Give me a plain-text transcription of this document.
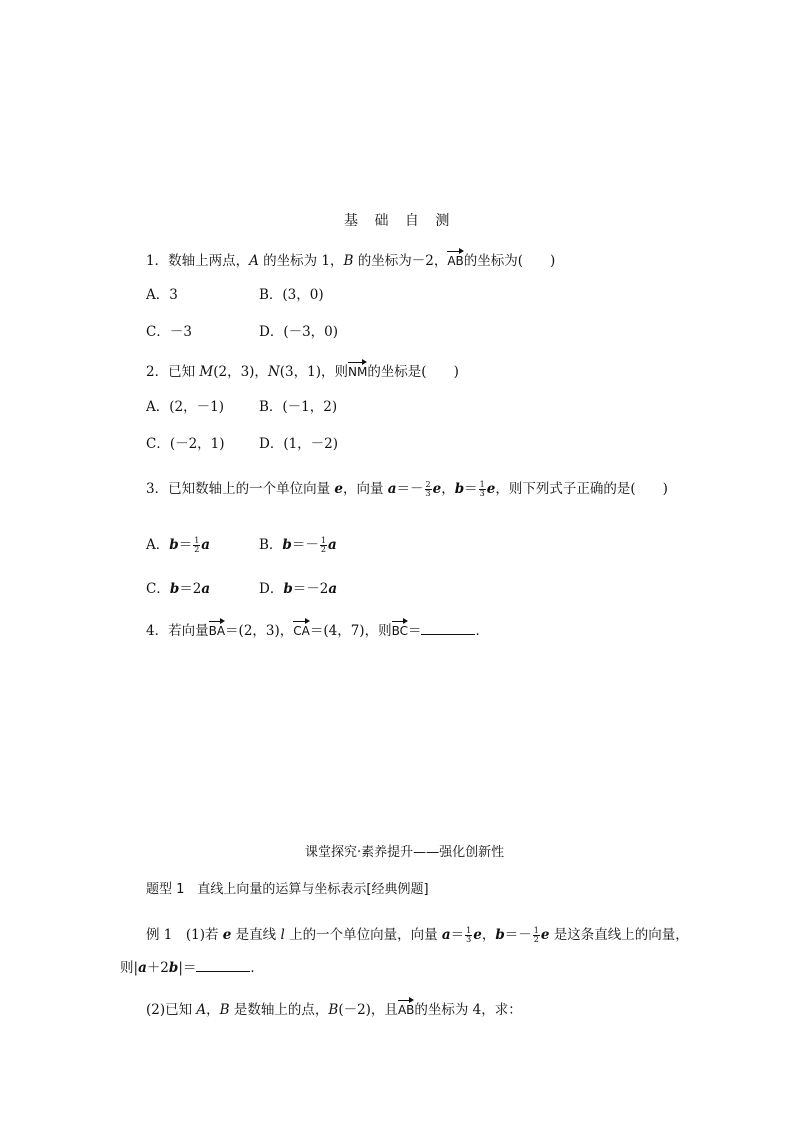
基 础 自 测
1．数轴上两点，A 的坐标为 1，B 的坐标为－2，AB的坐标为(　　)
A．3	B．(3，0)
C．－3	D．(－3，0)
2．已知 M(2，3)，N(3，1)，则NM的坐标是(　　)
A．(2，－1)	B．(－1，2)
C．(－2，1)	D．(1，－2)
3．已知数轴上的一个单位向量 e，向量 $a=- \frac{2}{3}$ e，$b= \frac{1}{3}$ e，则下列式子正确的是(　　)
A．$b= \frac{1}{2}$ a	B．$b=- \frac{1}{2}$ a
C．b＝2a	D．b＝－2a
4．若向量BA＝(2，3)，CA＝(4，7)，则BC＝	．
课堂探究·素养提升——强化创新性
题型 1　直线上向量的运算与坐标表示[经典例题]
例 1　(1)若 e 是直线 l 上的一个单位向量，向量 $a= \frac{1}{3}$ e，$b=- \frac{1}{2}$ e 是这条直线上的向量，
则|a＋2b|＝	．
(2)已知 A，B 是数轴上的点，B(－2)，且AB的坐标为 4，求：
